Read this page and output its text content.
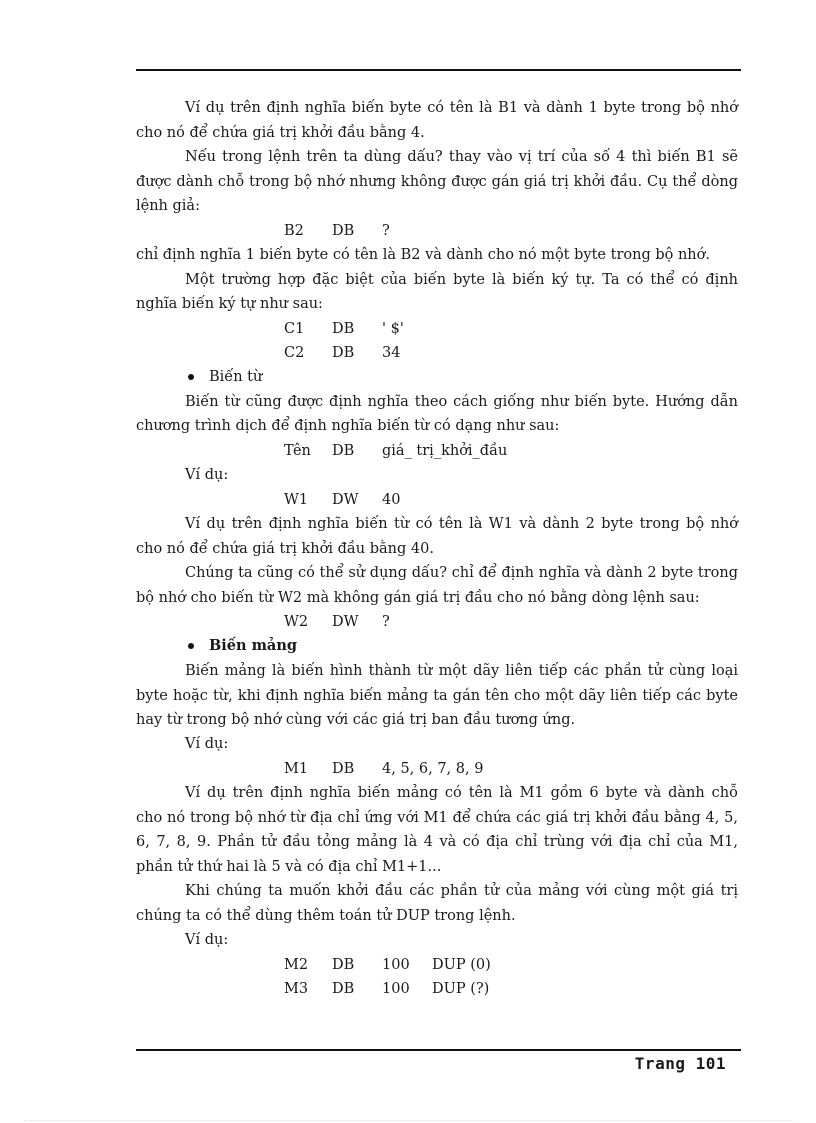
Ví dụ trên định nghĩa biến byte có tên là B1 và dành 1 byte trong bộ nhớ
cho nó để chứa giá trị khởi đầu bằng 4.
Nếu trong lệnh trên ta dùng dấu? thay vào vị trí của số 4 thì biến B1 sẽ
được dành chỗ trong bộ nhớ nhưng không được gán giá trị khởi đầu. Cụ thể dòng
lệnh giả:
B2 DB ?
chỉ định nghĩa 1 biến byte có tên là B2 và dành cho nó một byte trong bộ nhớ.
Một trường hợp đặc biệt của biến byte là biến ký tự. Ta có thể có định
nghĩa biến ký tự như sau:
C1 DB ' $'
C2 DB 34
Biến từ
Biến từ cũng được định nghĩa theo cách giống như biến byte. Hướng dẫn
chương trình dịch để định nghĩa biến từ có dạng như sau:
Tên DB giá_ trị_khởi_đầu
Ví dụ:
W1 DW 40
Ví dụ trên định nghĩa biến từ có tên là W1 và dành 2 byte trong bộ nhớ
cho nó để chứa giá trị khởi đầu bằng 40.
Chúng ta cũng có thể sử dụng dấu? chỉ để định nghĩa và dành 2 byte trong
bộ nhớ cho biến từ W2 mà không gán giá trị đầu cho nó bằng dòng lệnh sau:
W2 DW ?
Biến mảng
Biến mảng là biến hình thành từ một dãy liên tiếp các phần tử cùng loại
byte hoặc từ, khi định nghĩa biến mảng ta gán tên cho một dãy liên tiếp các byte
hay từ trong bộ nhớ cùng với các giá trị ban đầu tương ứng.
Ví dụ:
M1 DB 4, 5, 6, 7, 8, 9
Ví dụ trên định nghĩa biến mảng có tên là M1 gồm 6 byte và dành chỗ
cho nó trong bộ nhớ từ địa chỉ ứng với M1 để chứa các giá trị khởi đầu bằng 4, 5,
6, 7, 8, 9. Phần tử đầu tỏng mảng là 4 và có địa chỉ trùng với địa chỉ của M1,
phần tử thứ hai là 5 và có địa chỉ M1+1...
Khi chúng ta muốn khởi đầu các phần tử của mảng với cùng một giá trị
chúng ta có thể dùng thêm toán tử DUP trong lệnh.
Ví dụ:
M2 DB 100 DUP (0)
M3 DB 100 DUP (?)
Trang 101
